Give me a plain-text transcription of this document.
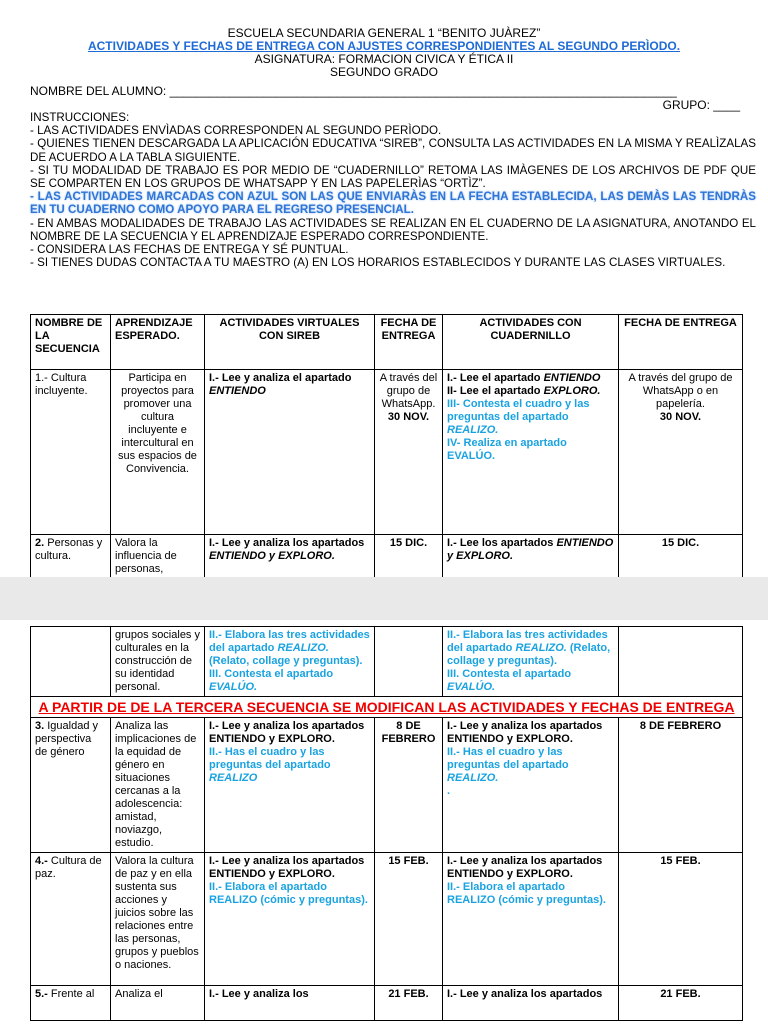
ESCUELA SECUNDARIA GENERAL 1 “BENITO JUÀREZ”
ACTIVIDADES Y FECHAS DE ENTREGA CON AJUSTES CORRESPONDIENTES AL SEGUNDO PERÌODO.
ASIGNATURA: FORMACION CIVICA Y ÉTICA II
SEGUNDO GRADO
NOMBRE DEL ALUMNO: ____________________________________________________________________________
GRUPO: ____
INSTRUCCIONES:
- LAS ACTIVIDADES ENVÌADAS CORRESPONDEN AL SEGUNDO PERÌODO.
- QUIENES TIENEN DESCARGADA LA APLICACIÓN EDUCATIVA “SIREB”, CONSULTA LAS ACTIVIDADES EN LA MISMA Y REALÌZALAS DE ACUERDO A LA TABLA SIGUIENTE.
- SI TU MODALIDAD DE TRABAJO ES POR MEDIO DE “CUADERNILLO” RETOMA LAS IMÀGENES DE LOS ARCHIVOS DE PDF QUE SE COMPARTEN EN LOS GRUPOS DE WHATSAPP Y EN LAS PAPELERÌAS “ORTÌZ”.
- LAS ACTIVIDADES MARCADAS CON AZUL SON LAS QUE ENVIARÀS EN LA FECHA ESTABLECIDA, LAS DEMÀS LAS TENDRÀS EN TU CUADERNO COMO APOYO PARA EL REGRESO PRESENCIAL.
- EN AMBAS MODALIDADES DE TRABAJO LAS ACTIVIDADES SE REALIZAN EN EL CUADERNO DE LA ASIGNATURA, ANOTANDO EL NOMBRE DE LA SECUENCIA Y EL APRENDIZAJE ESPERADO CORRESPONDIENTE.
- CONSIDERA LAS FECHAS DE ENTREGA Y SÉ PUNTUAL.
- SI TIENES DUDAS CONTACTA A TU MAESTRO (A) EN LOS HORARIOS ESTABLECIDOS Y DURANTE LAS CLASES VIRTUALES.
NOMBRE DE LA SECUENCIA	APRENDIZAJE ESPERADO.	ACTIVIDADES VIRTUALES CON SIREB	FECHA DE ENTREGA	ACTIVIDADES CON CUADERNILLO	FECHA DE ENTREGA
1.- Cultura incluyente.	Participa en proyectos para promover una cultura incluyente e intercultural en sus espacios de Convivencia.	I.- Lee y analiza el apartado ENTIENDO	A través del grupo de WhatsApp.
30 NOV.	I.- Lee el apartado ENTIENDO
II- Lee el apartado EXPLORO.
III- Contesta el cuadro y las preguntas del apartado REALIZO.
IV- Realiza en apartado EVALÚO.	A través del grupo de WhatsApp o en papelería.
30 NOV.
2. Personas y cultura.	Valora la influencia de personas,	I.- Lee y analiza los apartados ENTIENDO y EXPLORO.	15 DIC.	I.- Lee los apartados ENTIENDO y EXPLORO.	15 DIC.
	grupos sociales y culturales en la construcción de su identidad personal.	II.- Elabora las tres actividades del apartado REALIZO. (Relato, collage y preguntas).
III. Contesta el apartado EVALÚO.		II.- Elabora las tres actividades del apartado REALIZO. (Relato, collage y preguntas).
III. Contesta el apartado EVALÚO.	
A PARTIR DE DE LA TERCERA SECUENCIA SE MODIFICAN LAS ACTIVIDADES Y FECHAS DE ENTREGA					
3. Igualdad y perspectiva de género	Analiza las implicaciones de la equidad de género en situaciones cercanas a la adolescencia: amistad, noviazgo, estudio.	I.- Lee y analiza los apartados ENTIENDO y EXPLORO.
II.- Has el cuadro y las preguntas del apartado REALIZO	8 DE FEBRERO	I.- Lee y analiza los apartados ENTIENDO y EXPLORO.
II.- Has el cuadro y las preguntas del apartado REALIZO.
.	8 DE FEBRERO
4.- Cultura de paz.	Valora la cultura de paz y en ella sustenta sus acciones y juicios sobre las relaciones entre las personas, grupos y pueblos o naciones.	I.- Lee y analiza los apartados ENTIENDO y EXPLORO.
II.- Elabora el apartado REALIZO (cómic y preguntas).	15 FEB.	I.- Lee y analiza los apartados ENTIENDO y EXPLORO.
II.- Elabora el apartado REALIZO (cómic y preguntas).	15 FEB.
5.- Frente al	Analiza el	I.- Lee y analiza los	21 FEB.	I.- Lee y analiza los apartados	21 FEB.
